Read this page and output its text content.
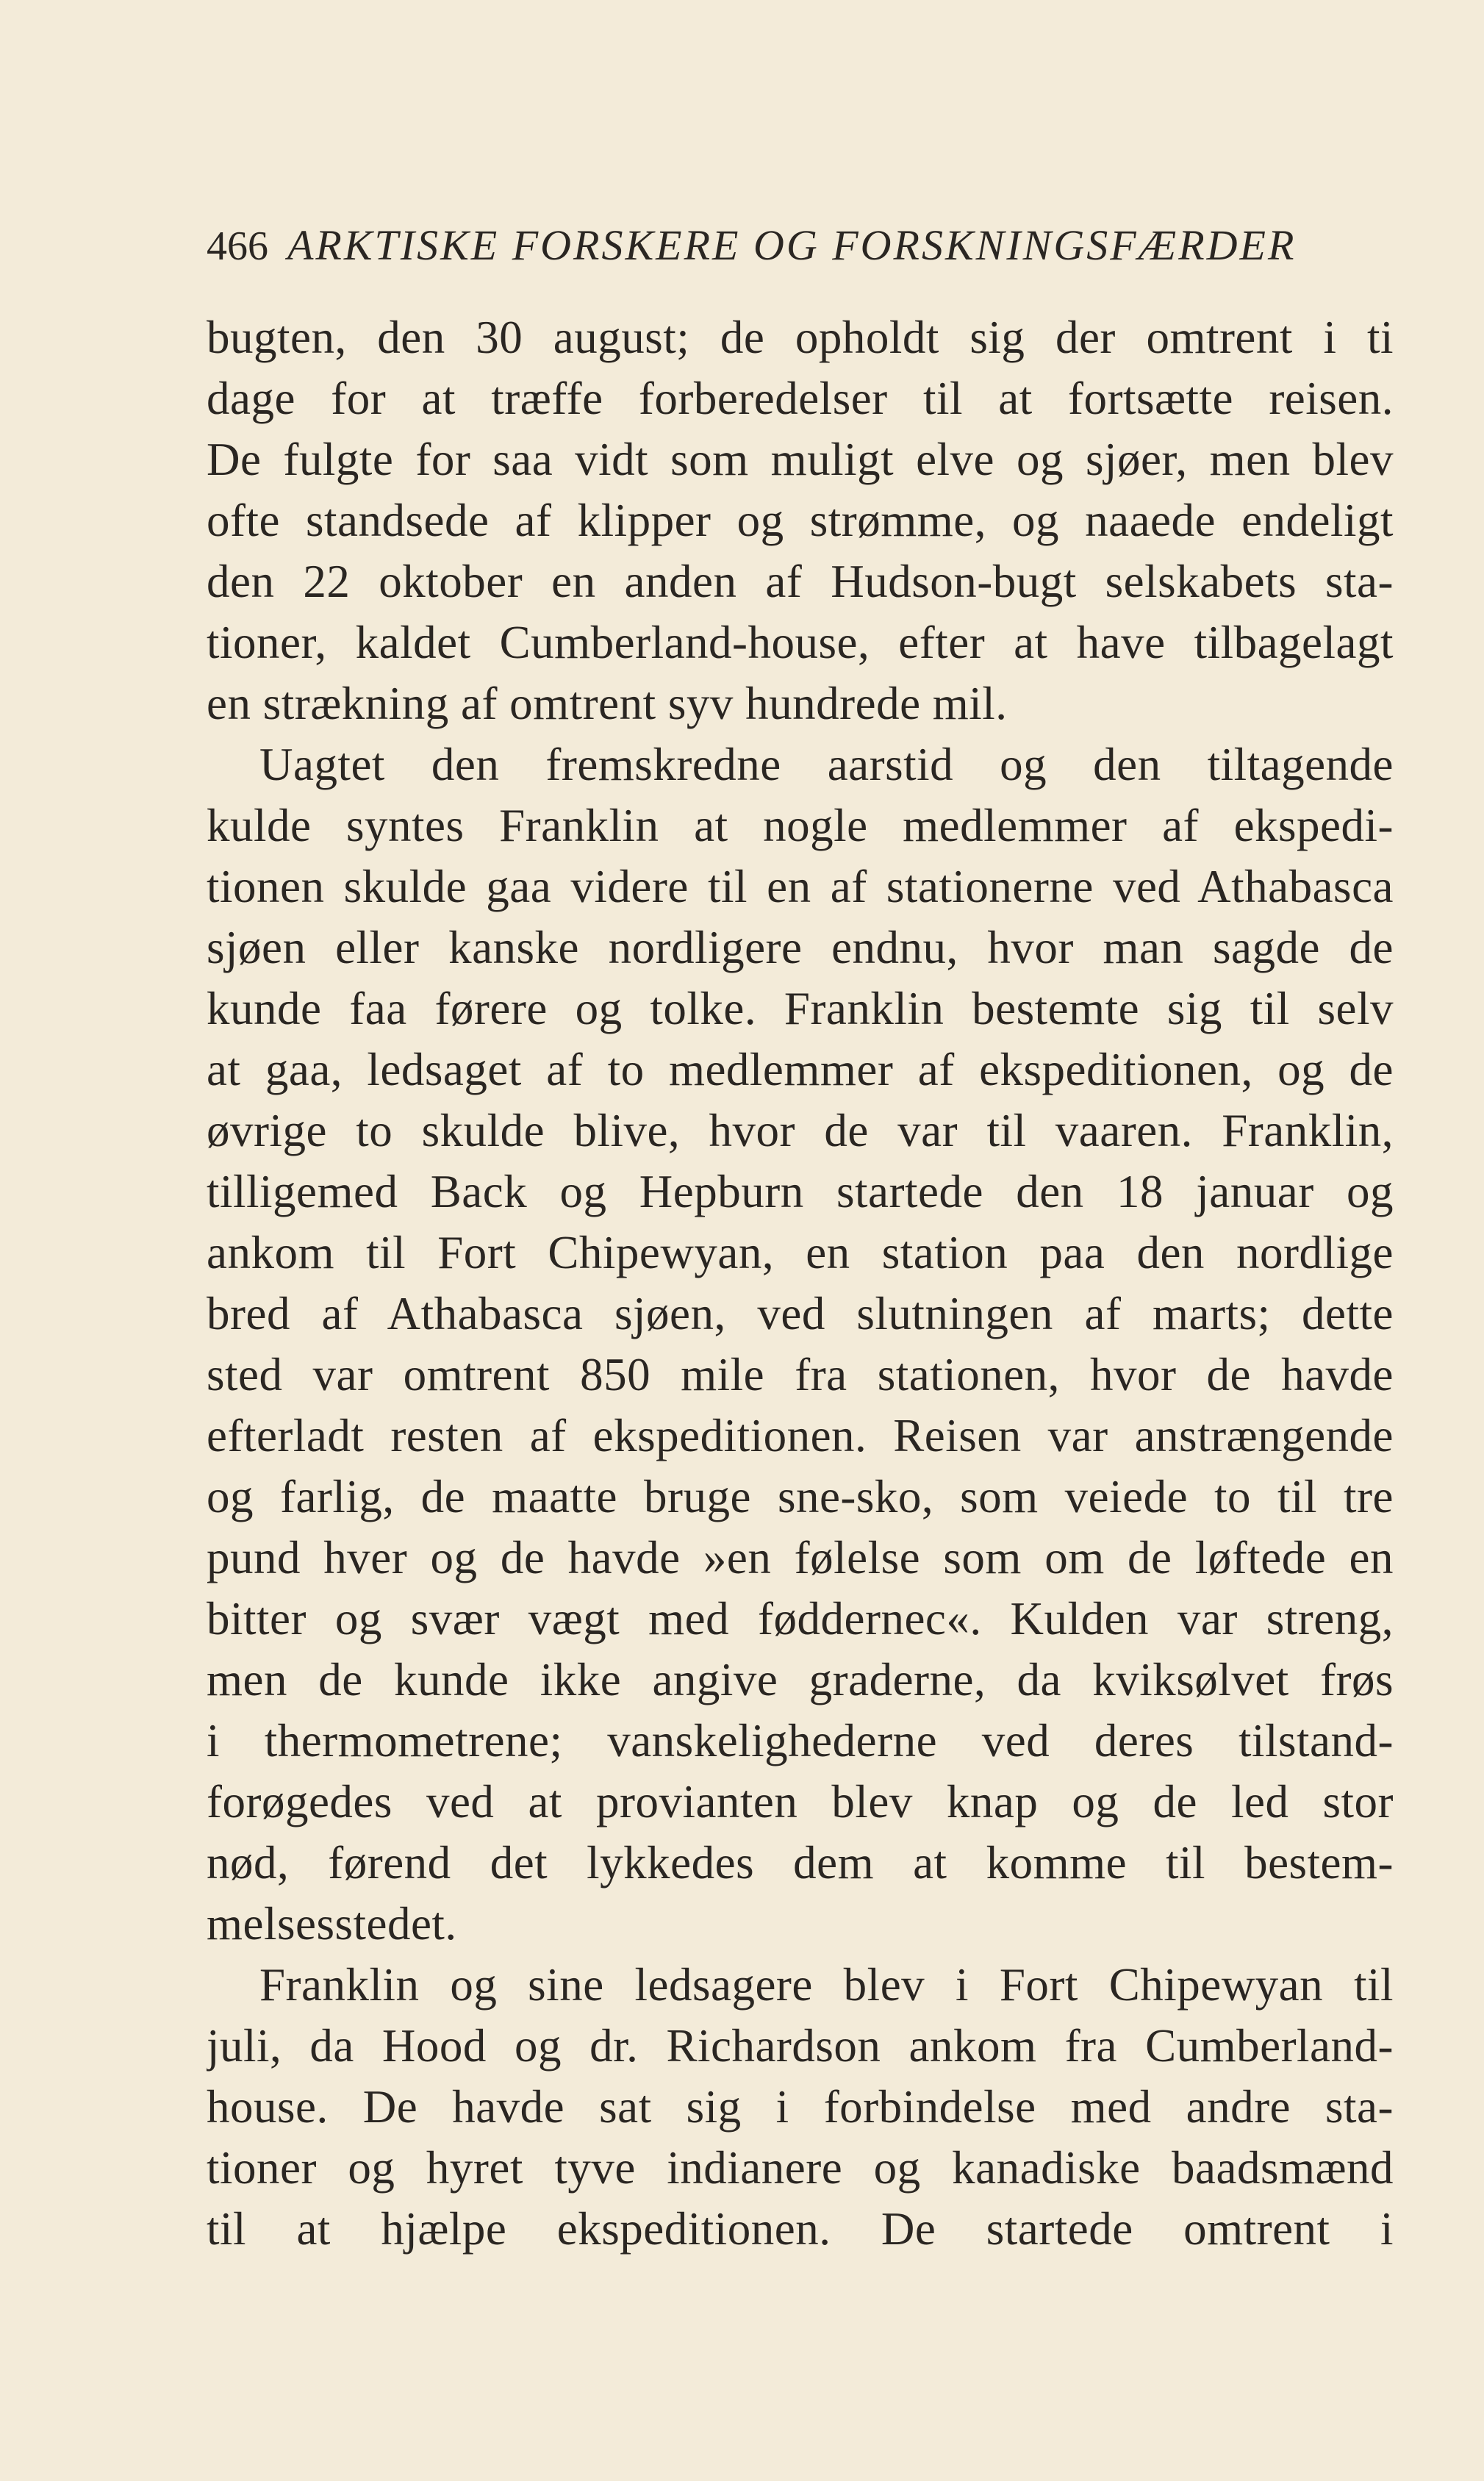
466 ARKTISKE FORSKERE OG FORSKNINGSFÆRDER
bugten, den 30 august; de opholdt sig der omtrent i ti
dage for at træffe forberedelser til at fortsætte reisen.
De fulgte for saa vidt som muligt elve og sjøer, men blev
ofte standsede af klipper og strømme, og naaede endeligt
den 22 oktober en anden af Hudson-bugt selskabets sta-
tioner, kaldet Cumberland-house, efter at have tilbagelagt
en strækning af omtrent syv hundrede mil.
Uagtet den fremskredne aarstid og den tiltagende
kulde syntes Franklin at nogle medlemmer af ekspedi-
tionen skulde gaa videre til en af stationerne ved Athabasca
sjøen eller kanske nordligere endnu, hvor man sagde de
kunde faa førere og tolke. Franklin bestemte sig til selv
at gaa, ledsaget af to medlemmer af ekspeditionen, og de
øvrige to skulde blive, hvor de var til vaaren. Franklin,
tilligemed Back og Hepburn startede den 18 januar og
ankom til Fort Chipewyan, en station paa den nordlige
bred af Athabasca sjøen, ved slutningen af marts; dette
sted var omtrent 850 mile fra stationen, hvor de havde
efterladt resten af ekspeditionen. Reisen var anstrængende
og farlig, de maatte bruge sne-sko, som veiede to til tre
pund hver og de havde »en følelse som om de løftede en
bitter og svær vægt med føddernec«. Kulden var streng,
men de kunde ikke angive graderne, da kviksølvet frøs
i thermometrene; vanskelighederne ved deres tilstand-
forøgedes ved at provianten blev knap og de led stor
nød, førend det lykkedes dem at komme til bestem-
melsesstedet.
Franklin og sine ledsagere blev i Fort Chipewyan til
juli, da Hood og dr. Richardson ankom fra Cumberland-
house. De havde sat sig i forbindelse med andre sta-
tioner og hyret tyve indianere og kanadiske baadsmænd
til at hjælpe ekspeditionen. De startede omtrent i
